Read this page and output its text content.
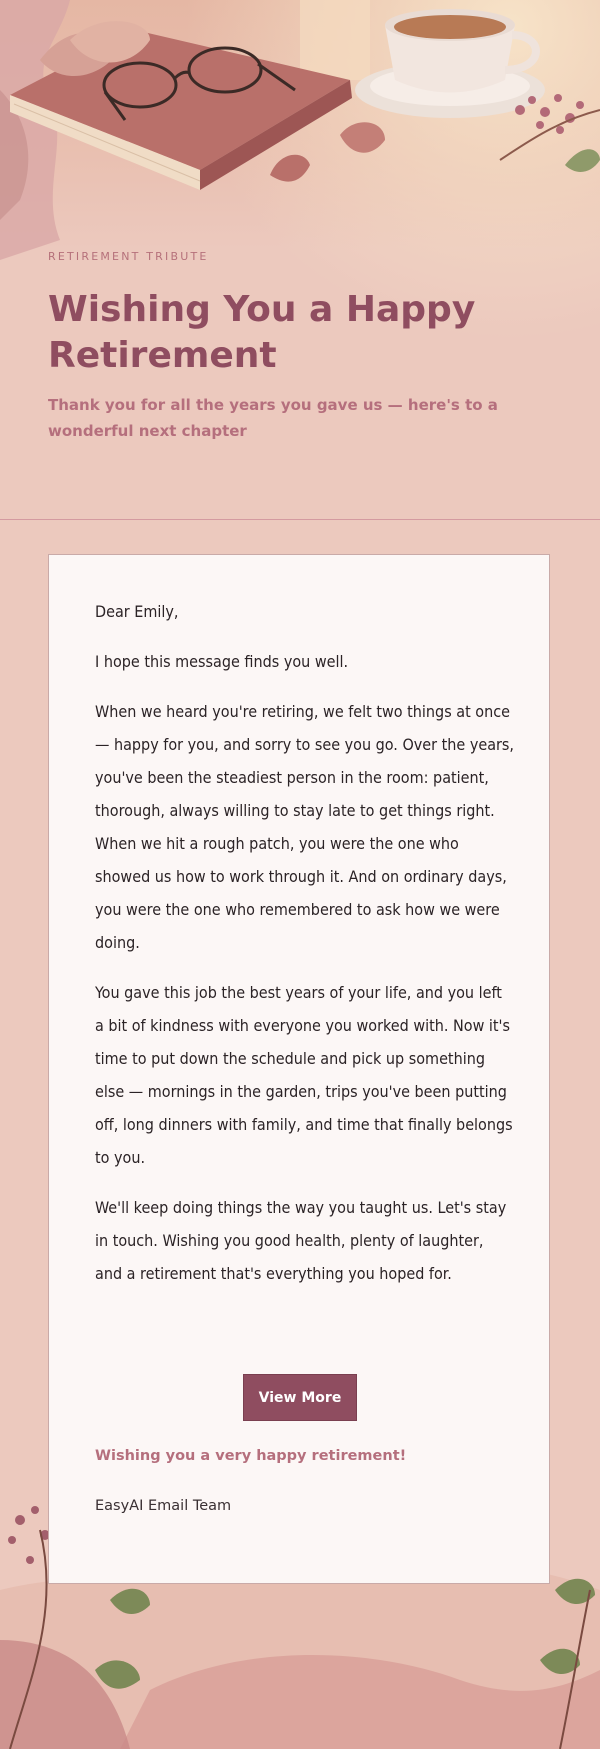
RETIREMENT TRIBUTE
Wishing You a Happy Retirement

Thank you for all the years you gave us — here's to a wonderful next chapter

Dear Emily,

I hope this message finds you well.

When we heard you're retiring, we felt two things at once — happy for you, and sorry to see you go. Over the years, you've been the steadiest person in the room: patient, thorough, always willing to stay late to get things right. When we hit a rough patch, you were the one who showed us how to work through it. And on ordinary days, you were the one who remembered to ask how we were doing.

You gave this job the best years of your life, and you left a bit of kindness with everyone you worked with. Now it's time to put down the schedule and pick up something else — mornings in the garden, trips you've been putting off, long dinners with family, and time that finally belongs to you.

We'll keep doing things the way you taught us. Let's stay in touch. Wishing you good health, plenty of laughter, and a retirement that's everything you hoped for.

View More
Wishing you a very happy retirement!
EasyAI Email Team
